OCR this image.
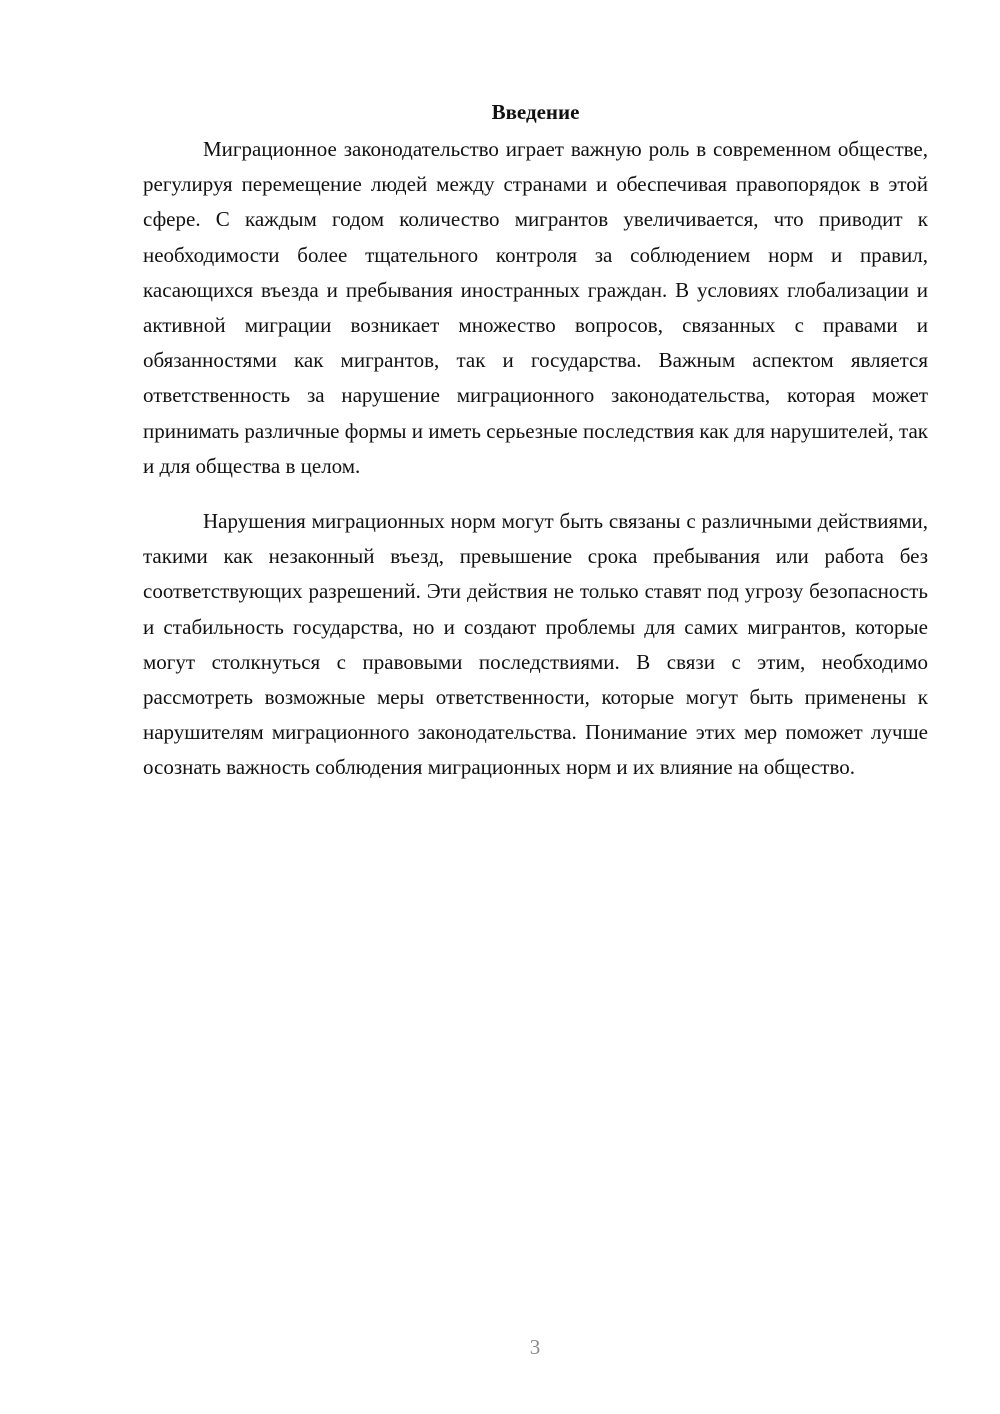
Введение

Миграционное законодательство играет важную роль в современном обществе, регулируя перемещение людей между странами и обеспечивая правопорядок в этой сфере. С каждым годом количество мигрантов увеличивается, что приводит к необходимости более тщательного контроля за соблюдением норм и правил, касающихся въезда и пребывания иностранных граждан. В условиях глобализации и активной миграции возникает множество вопросов, связанных с правами и обязанностями как мигрантов, так и государства. Важным аспектом является ответственность за нарушение миграционного законодательства, которая может принимать различные формы и иметь серьезные последствия как для нарушителей, так и для общества в целом.

Нарушения миграционных норм могут быть связаны с различными действиями, такими как незаконный въезд, превышение срока пребывания или работа без соответствующих разрешений. Эти действия не только ставят под угрозу безопасность и стабильность государства, но и создают проблемы для самих мигрантов, которые могут столкнуться с правовыми последствиями. В связи с этим, необходимо рассмотреть возможные меры ответственности, которые могут быть применены к нарушителям миграционного законодательства. Понимание этих мер поможет лучше осознать важность соблюдения миграционных норм и их влияние на общество.

3
